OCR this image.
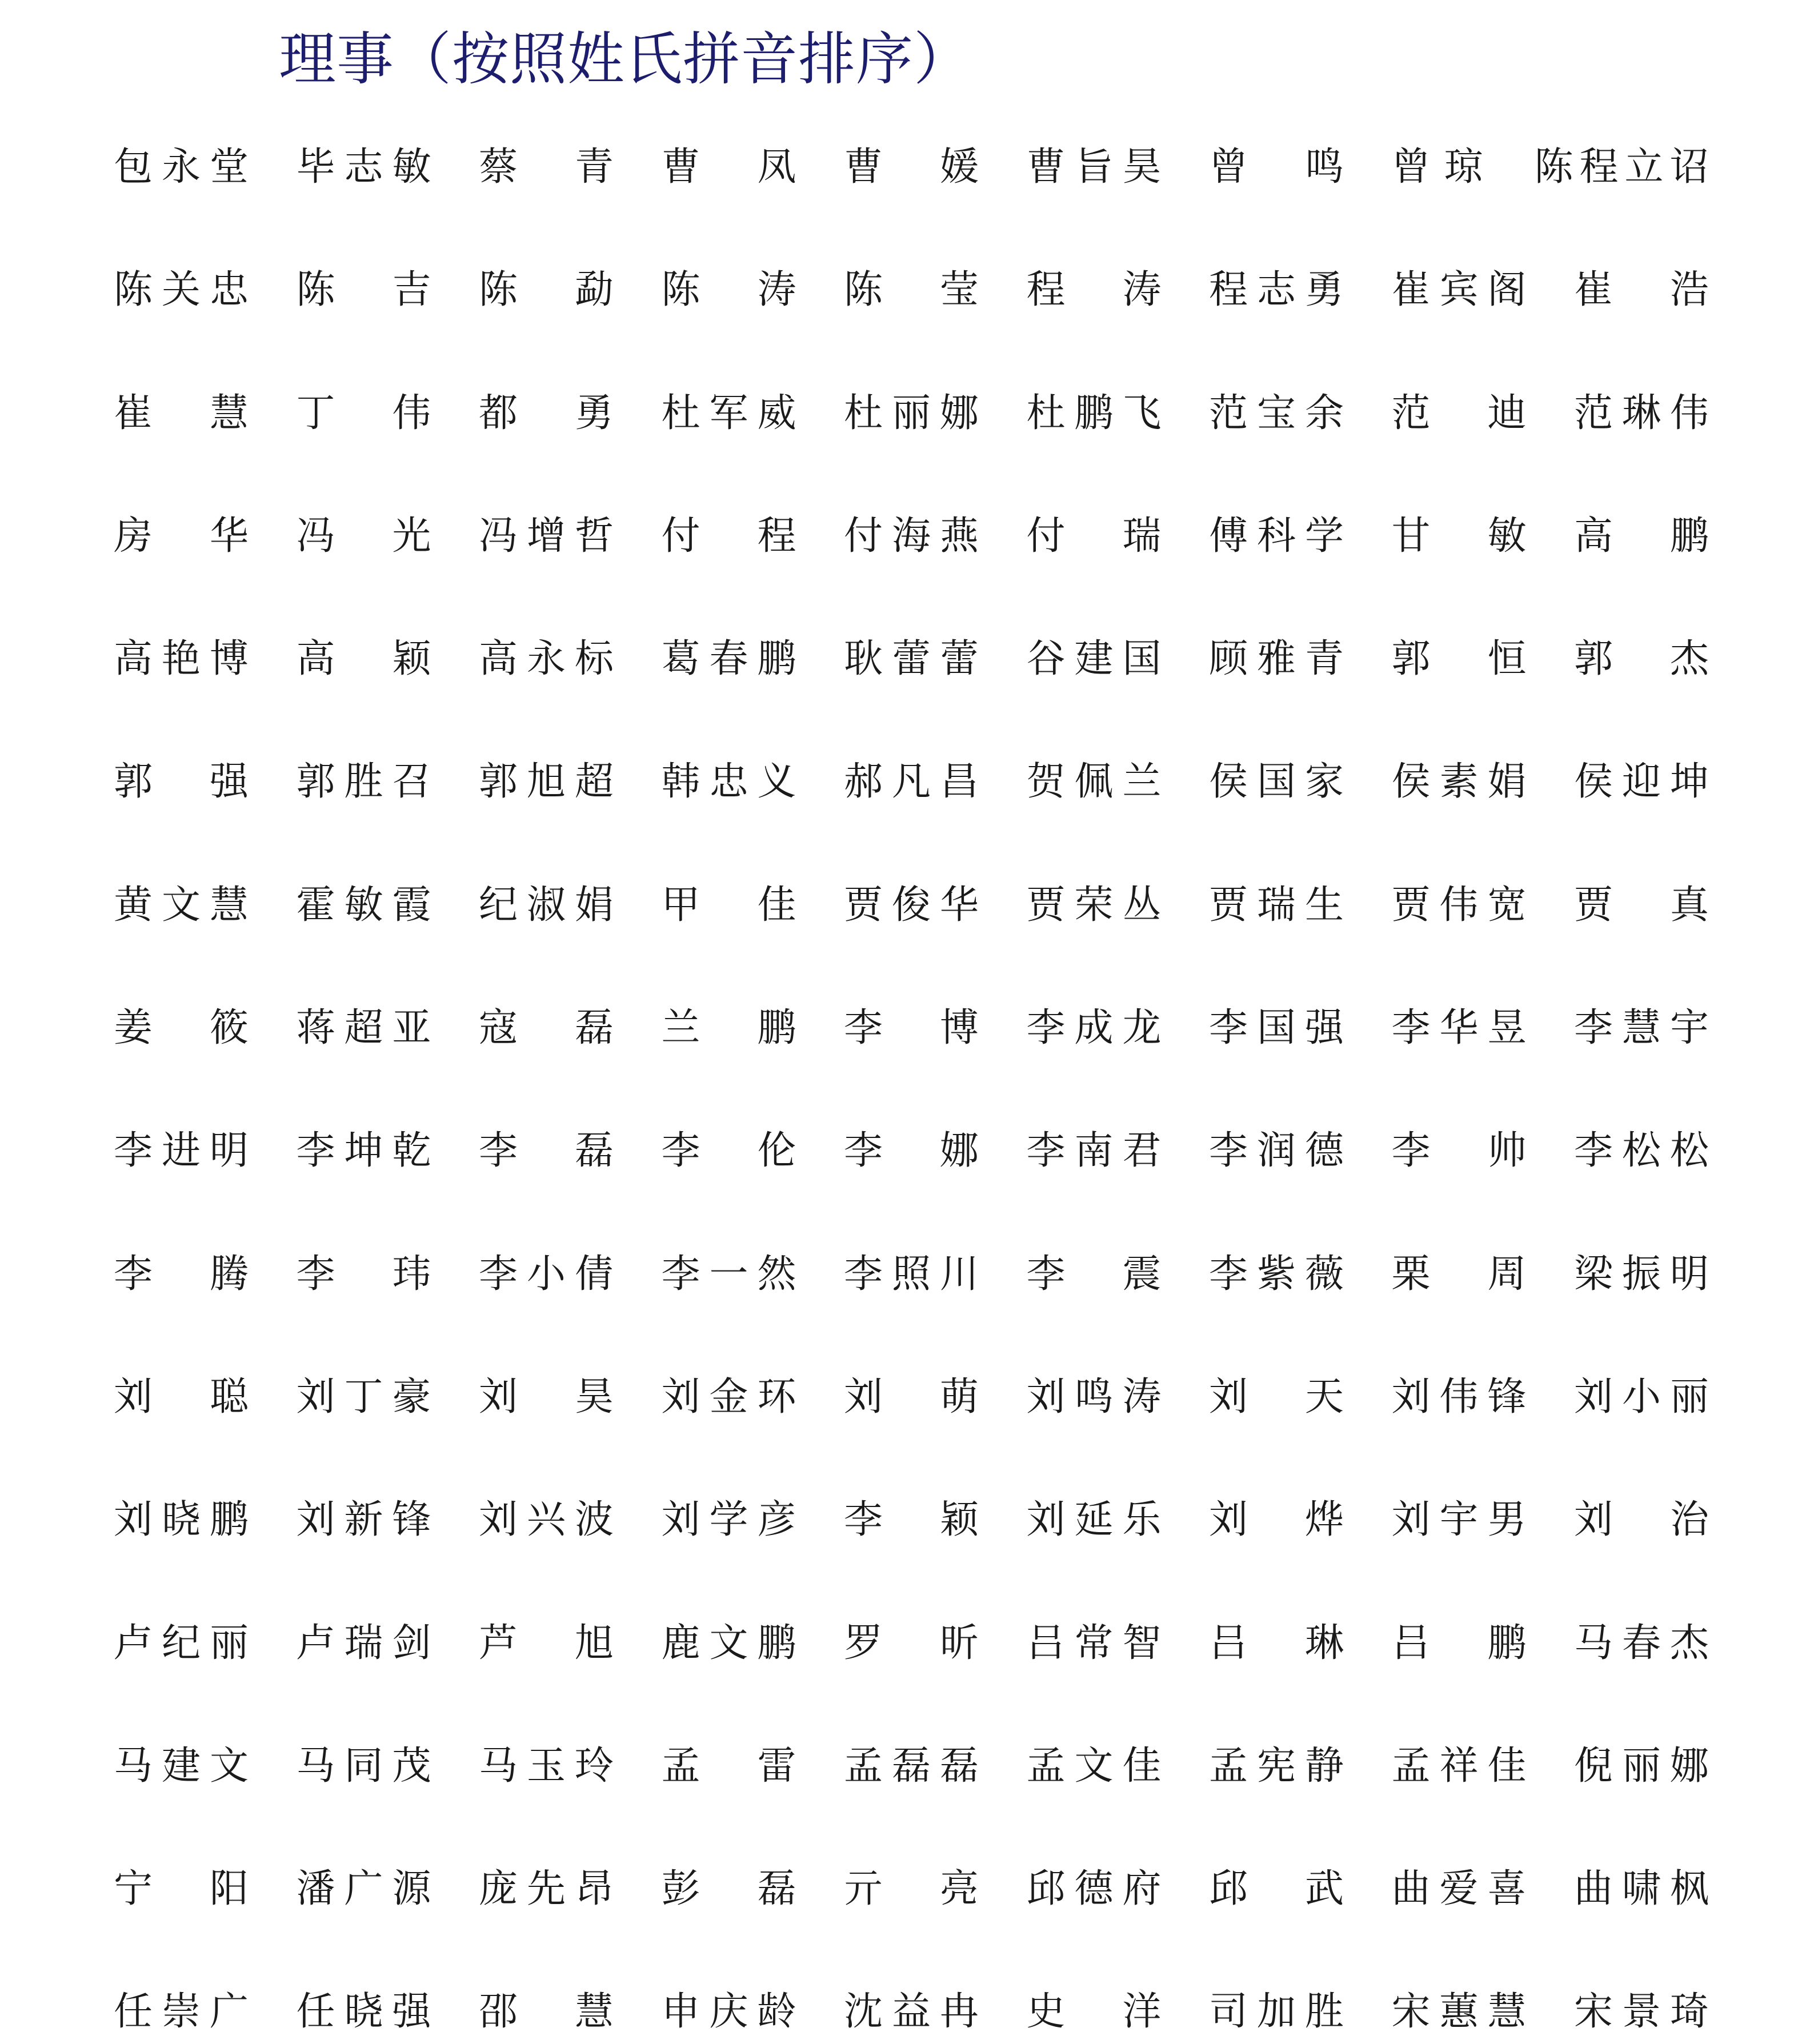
理事（按照姓氏拼音排序）
包 永 堂 毕 志 敏 蔡 青 曹 凤 曹 媛 曹 旨 昊 曾 鸣 曾 琼 陈 程 立 诏
陈 关 忠 陈 吉 陈 勐 陈 涛 陈 莹 程 涛 程 志 勇 崔 宾 阁 崔 浩
崔 慧 丁 伟 都 勇 杜 军 威 杜 丽 娜 杜 鹏 飞 范 宝 余 范 迪 范 琳 伟
房 华 冯 光 冯 增 哲 付 程 付 海 燕 付 瑞 傅 科 学 甘 敏 高 鹏
高 艳 博 高 颖 高 永 标 葛 春 鹏 耿 蕾 蕾 谷 建 国 顾 雅 青 郭 恒 郭 杰
郭 强 郭 胜 召 郭 旭 超 韩 忠 义 郝 凡 昌 贺 佩 兰 侯 国 家 侯 素 娟 侯 迎 坤
黄 文 慧 霍 敏 霞 纪 淑 娟 甲 佳 贾 俊 华 贾 荣 丛 贾 瑞 生 贾 伟 宽 贾 真
姜 筱 蒋 超 亚 寇 磊 兰 鹏 李 博 李 成 龙 李 国 强 李 华 昱 李 慧 宇
李 进 明 李 坤 乾 李 磊 李 伦 李 娜 李 南 君 李 润 德 李 帅 李 松 松
李 腾 李 玮 李 小 倩 李 一 然 李 照 川 李 震 李 紫 薇 栗 周 梁 振 明
刘 聪 刘 丁 豪 刘 昊 刘 金 环 刘 萌 刘 鸣 涛 刘 天 刘 伟 锋 刘 小 丽
刘 晓 鹏 刘 新 锋 刘 兴 波 刘 学 彦 李 颖 刘 延 乐 刘 烨 刘 宇 男 刘 治
卢 纪 丽 卢 瑞 剑 芦 旭 鹿 文 鹏 罗 昕 吕 常 智 吕 琳 吕 鹏 马 春 杰
马 建 文 马 同 茂 马 玉 玲 孟 雷 孟 磊 磊 孟 文 佳 孟 宪 静 孟 祥 佳 倪 丽 娜
宁 阳 潘 广 源 庞 先 昂 彭 磊 亓 亮 邱 德 府 邱 武 曲 爱 喜 曲 啸 枫
任 崇 广 任 晓 强 邵 慧 申 庆 龄 沈 益 冉 史 洋 司 加 胜 宋 蕙 慧 宋 景 琦
